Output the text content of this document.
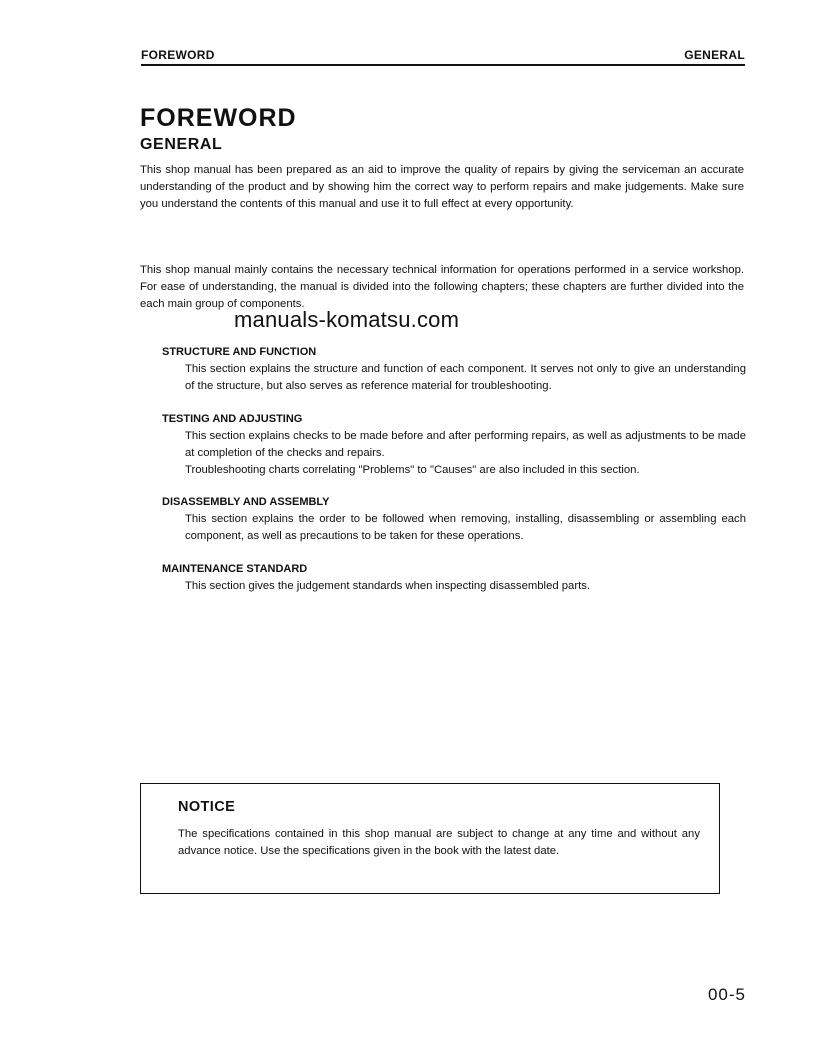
FOREWORD	GENERAL
FOREWORD
GENERAL

This shop manual has been prepared as an aid to improve the quality of repairs by giving the serviceman an accurate understanding of the product and by showing him the correct way to perform repairs and make judgements. Make sure you understand the contents of this manual and use it to full effect at every opportunity.

This shop manual mainly contains the necessary technical information for operations performed in a service workshop. For ease of understanding, the manual is divided into the following chapters; these chapters are further divided into the each main group of components.

manuals-komatsu.com
STRUCTURE AND FUNCTION

This section explains the structure and function of each component. It serves not only to give an understanding of the structure, but also serves as reference material for troubleshooting.

TESTING AND ADJUSTING

This section explains checks to be made before and after performing repairs, as well as adjustments to be made at completion of the checks and repairs.

Troubleshooting charts correlating "Problems" to "Causes" are also included in this section.

DISASSEMBLY AND ASSEMBLY

This section explains the order to be followed when removing, installing, disassembling or assembling each component, as well as precautions to be taken for these operations.

MAINTENANCE STANDARD

This section gives the judgement standards when inspecting disassembled parts.

NOTICE

The specifications contained in this shop manual are subject to change at any time and without any advance notice. Use the specifications given in the book with the latest date.

00-5
